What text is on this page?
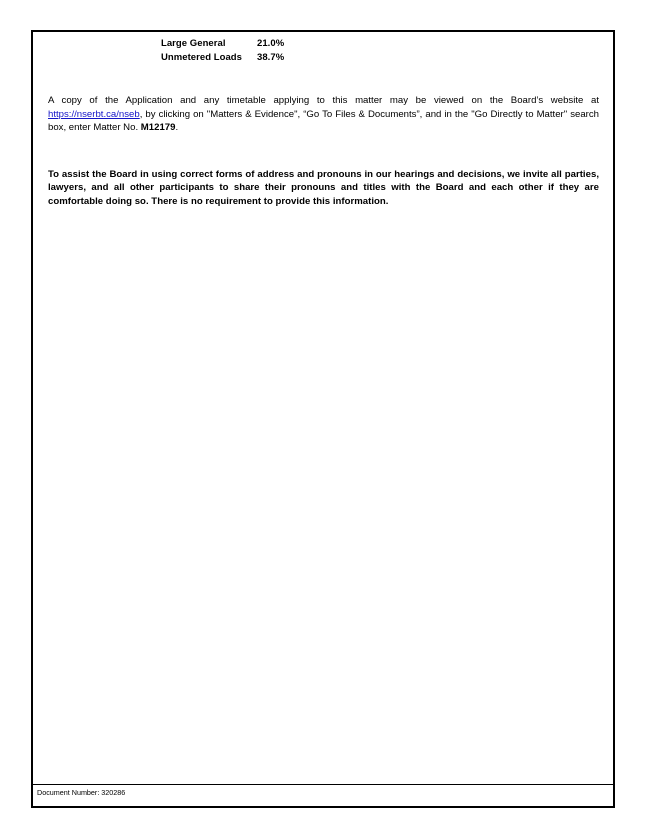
Large General	21.0%
Unmetered Loads	38.7%

A copy of the Application and any timetable applying to this matter may be viewed on the Board’s website at https://nserbt.ca/nseb, by clicking on "Matters & Evidence", “Go To Files & Documents”, and in the "Go Directly to Matter" search box, enter Matter No. M12179.

To assist the Board in using correct forms of address and pronouns in our hearings and decisions, we invite all parties, lawyers, and all other participants to share their pronouns and titles with the Board and each other if they are comfortable doing so. There is no requirement to provide this information.

Document Number: 320286
